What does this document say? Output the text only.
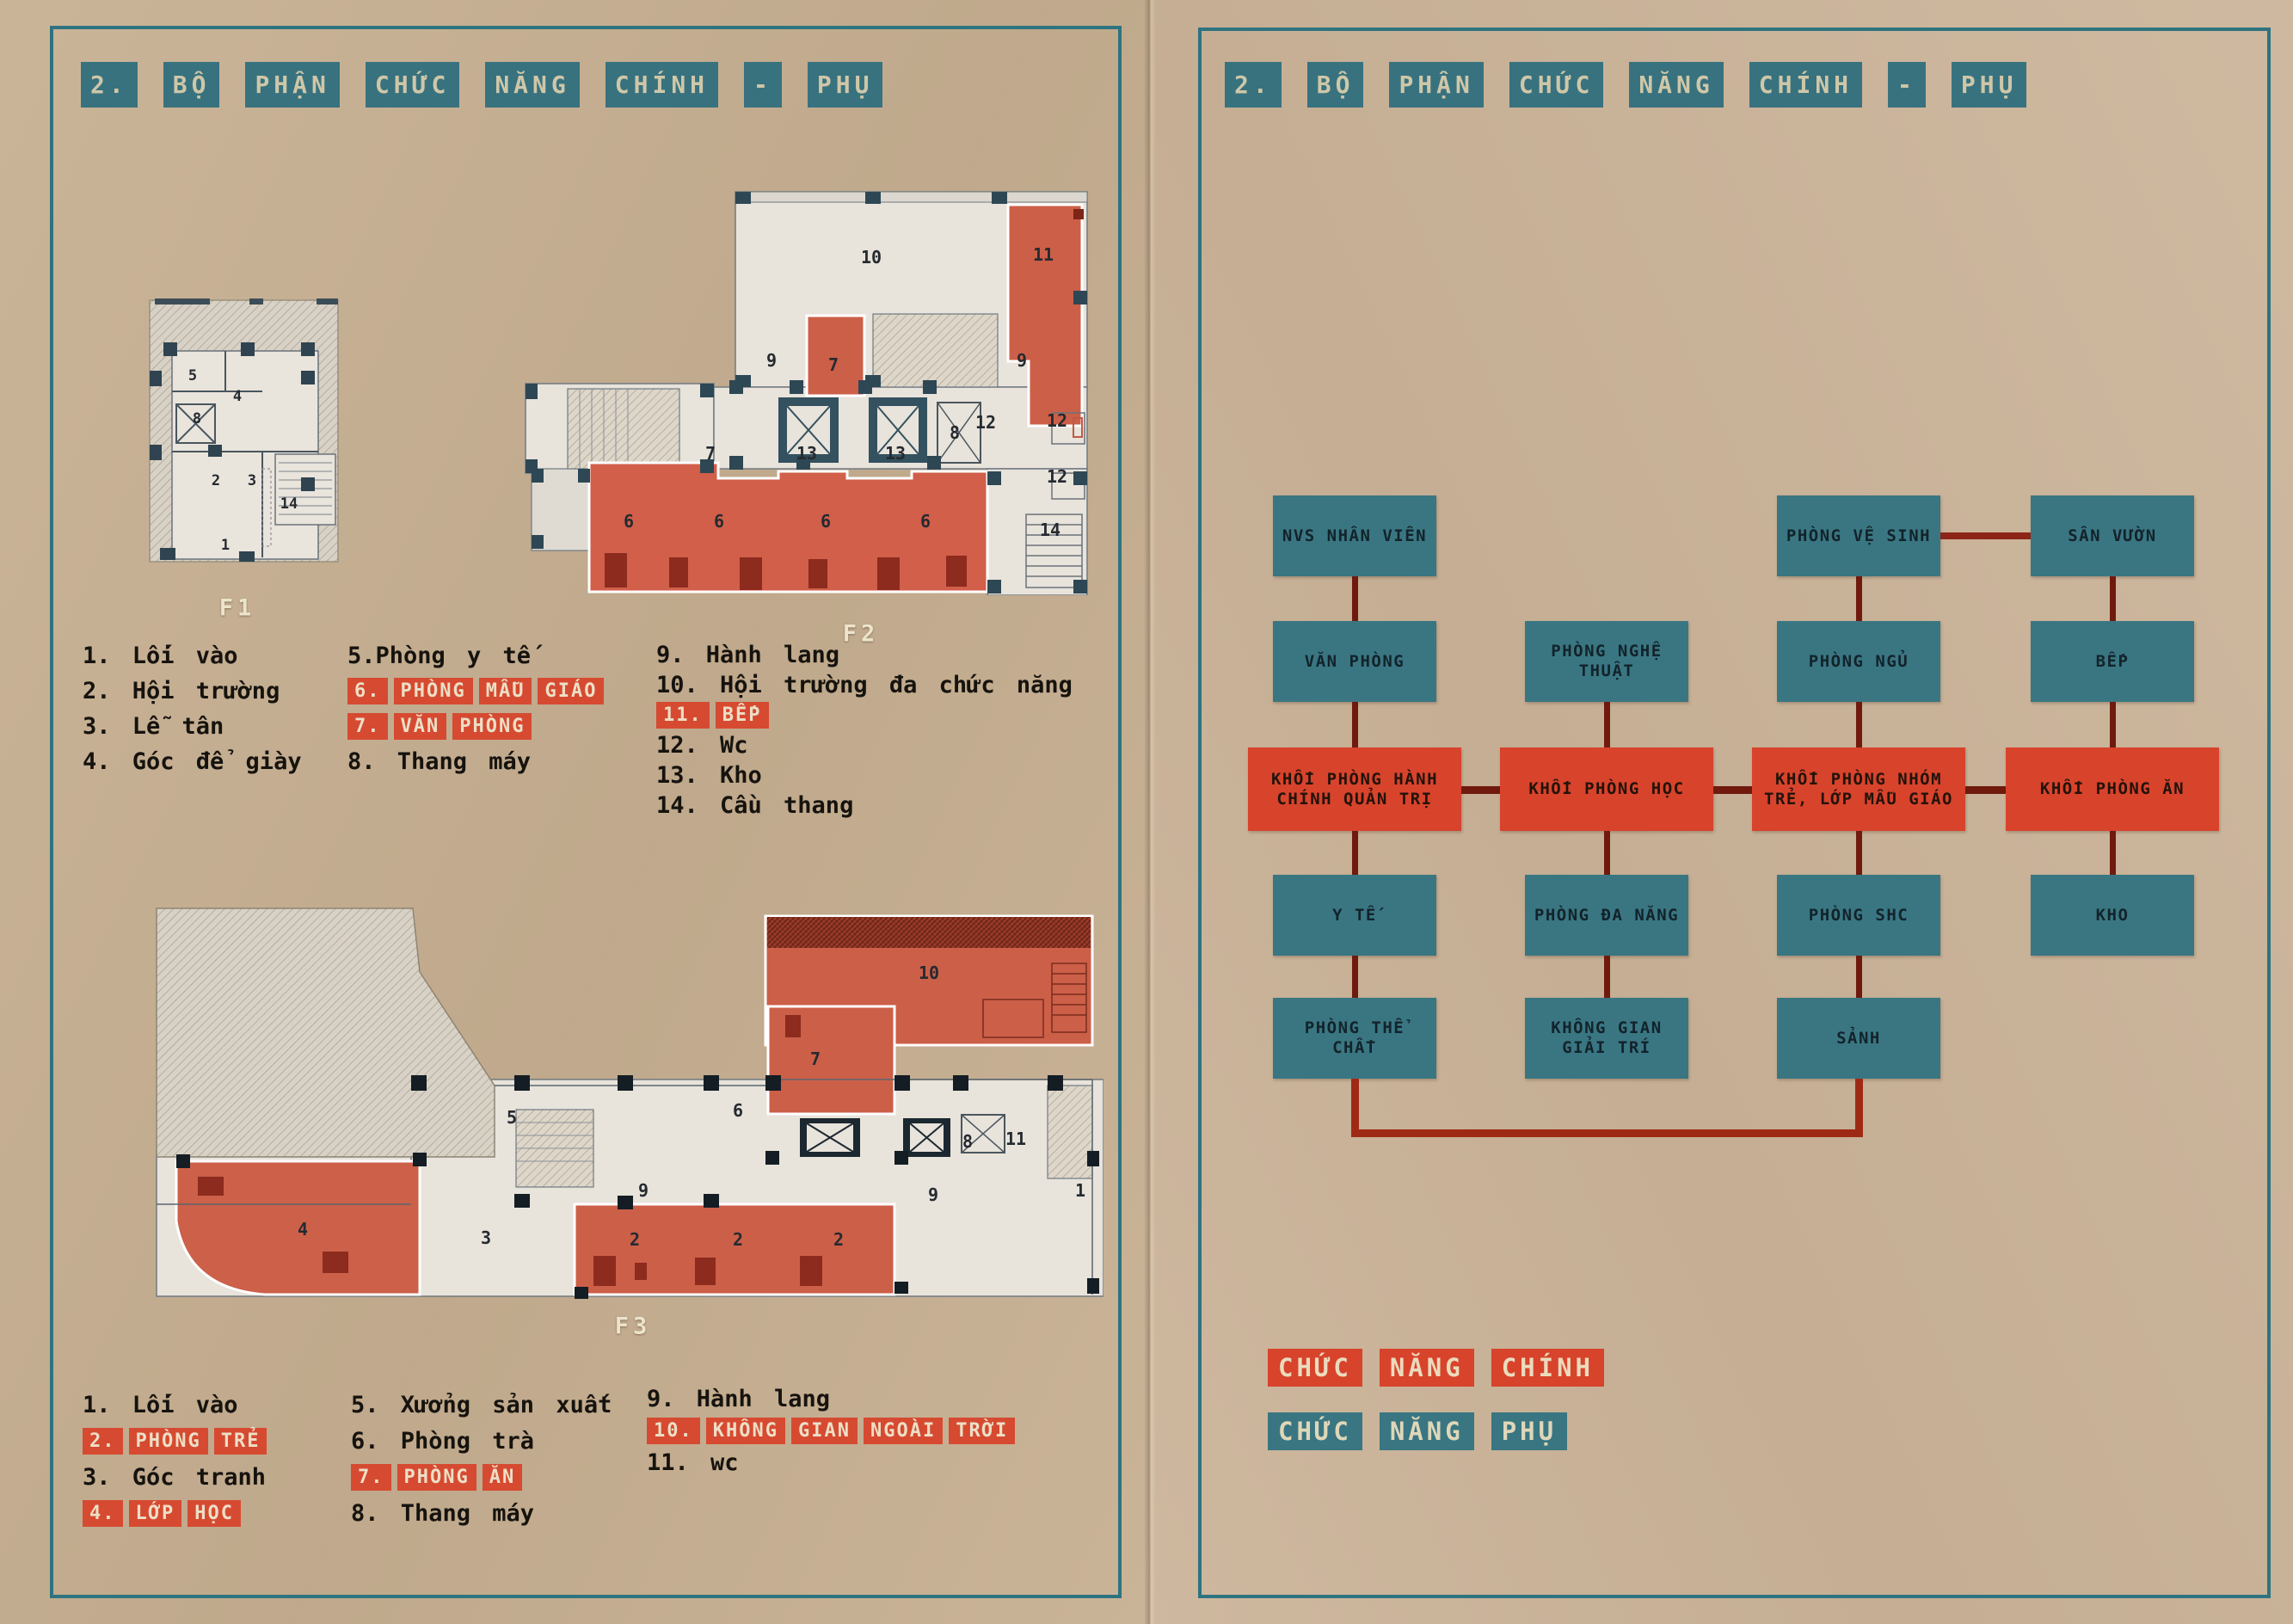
2.	BỘ	PHẬN	CHỨC	NĂNG	CHÍNH	-	PHỤ	2.	BỘ	PHẬN	CHỨC	NĂNG	CHÍNH	-	PHỤ
5
4
8
2 3
14
1
F1
10	11
9	7	9
7	13	13
8 12	12
12
6	6	6	6	14
F2
10
7
5	6
9	9
8 11
3
4	2	2	2
1
F3
1. Lối vào
2. Hội trường
3. Lễ tân
4. Góc để giày
5.Phòng y tế
6.	PHÒNG	MẪU	GIÁO
7.	VĂN	PHÒNG
8. Thang máy
9. Hành lang
10. Hội trường đa chức năng
11.	BẾP
12. Wc
13. Kho
14. Cầu thang
1. Lối vào
2.	PHÒNG	TRẺ
3. Góc tranh
4.	LỚP	HỌC
5. Xưởng sản xuất
6. Phòng trà
7.	PHÒNG	ĂN
8. Thang máy
9. Hành lang
10.	KHÔNG	GIAN	NGOÀI	TRỜI
11. wc
NVS NHÂN VIÊN	PHÒNG VỆ SINH	SÂN VƯỜN
VĂN PHÒNG
PHÒNG NGHỆ THUẬT
PHÒNG NGỦ	BẾP
KHỐI PHÒNG HÀNH CHÍNH QUẢN TRỊ
KHỐI PHÒNG HỌC
KHỐI PHÒNG NHÓM TRẺ, LỚP MẪU GIÁO
KHỐI PHÒNG ĂN
Y TẾ	PHÒNG ĐA NĂNG	PHÒNG SHC	KHO
PHÒNG THỂ CHẤT
KHÔNG GIAN GIẢI TRÍ
SẢNH
CHỨC	NĂNG	CHÍNH
CHỨC	NĂNG	PHỤ
